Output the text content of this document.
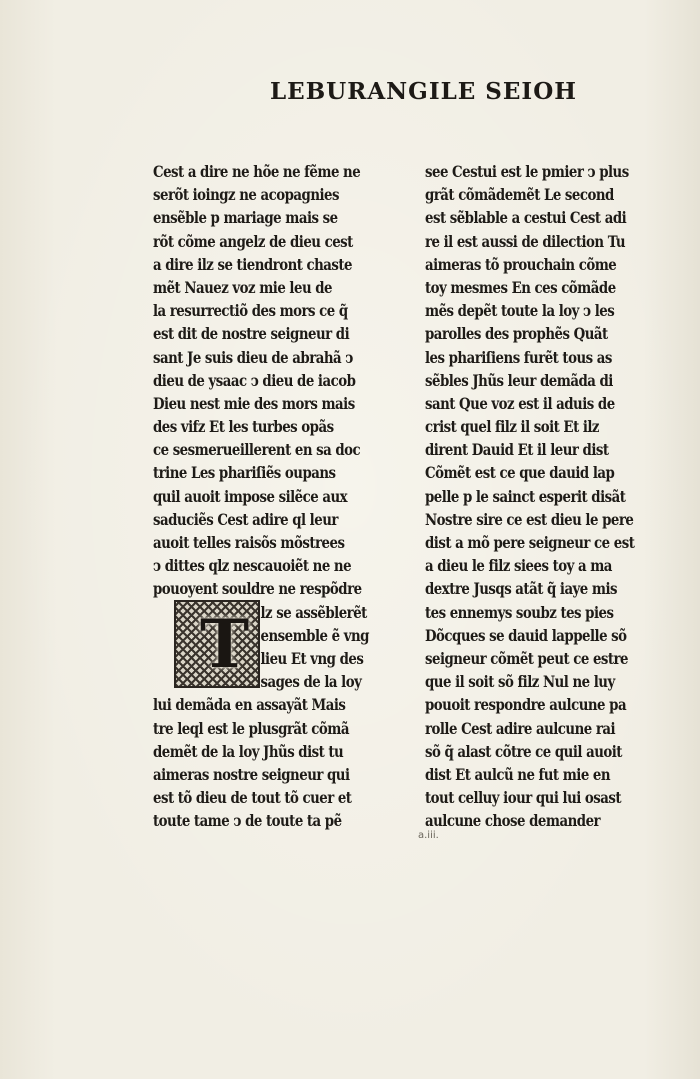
LEBURANGILE SEIOH
Cest a dire ne hõe ne fẽme ne
serõt ioingz ne acopagnies
ensẽble p mariage mais se
rõt cõme angelz de dieu cest
a dire ilz se tiendront chaste
mẽt Nauez voz mie leu de
la resurrectiõ des mors ce q̃
est dit de nostre seigneur di
sant Je suis dieu de abrahã ↄ
dieu de ysaac ↄ dieu de iacob
Dieu nest mie des mors mais
des vifz Et les turbes opãs
ce sesmerueillerent en sa doc
trine Les phariſiẽs oupans
quil auoit impose silẽce aux
saduciẽs Cest adire ql leur
auoit telles raisõs mõstrees
ↄ dittes qlz nescauoiẽt ne ne
pouoyent souldre ne respõdre
lz se assẽblerẽt
ensemble ẽ vng
lieu Et vng des
sages de la loy
lui demãda en assayãt Mais
tre leql est le plusgrãt cõmã
demẽt de la loy Jhũs dist tu
aimeras nostre seigneur qui
est tõ dieu de tout tõ cuer et
toute tame ↄ de toute ta pẽ
T
see Cestui est le pmier ↄ plus
grãt cõmãdemẽt Le second
est sẽblable a cestui Cest adi
re il est aussi de dilection Tu
aimeras tõ prouchain cõme
toy mesmes En ces cõmãde
mẽs depẽt toute la loy ↄ les
parolles des prophẽs Quãt
les phariſiens furẽt tous as
sẽbles Jhũs leur demãda di
sant Que voz est il aduis de
crist quel filz il soit Et ilz
dirent Dauid Et il leur dist
Cõmẽt est ce que dauid lap
pelle p le sainct esperit disãt
Nostre sire ce est dieu le pere
dist a mõ pere seigneur ce est
a dieu le filz siees toy a ma
dextre Jusqs atãt q̃ iaye mis
tes ennemys soubz tes pies
Dõcques se dauid lappelle sõ
seigneur cõmẽt peut ce estre
que il soit sõ filz Nul ne luy
pouoit respondre aulcune pa
rolle Cest adire aulcune rai
sõ q̃ alast cõtre ce quil auoit
dist Et aulcũ ne fut mie en
tout celluy iour qui lui osast
aulcune chose demander
a.iii.
